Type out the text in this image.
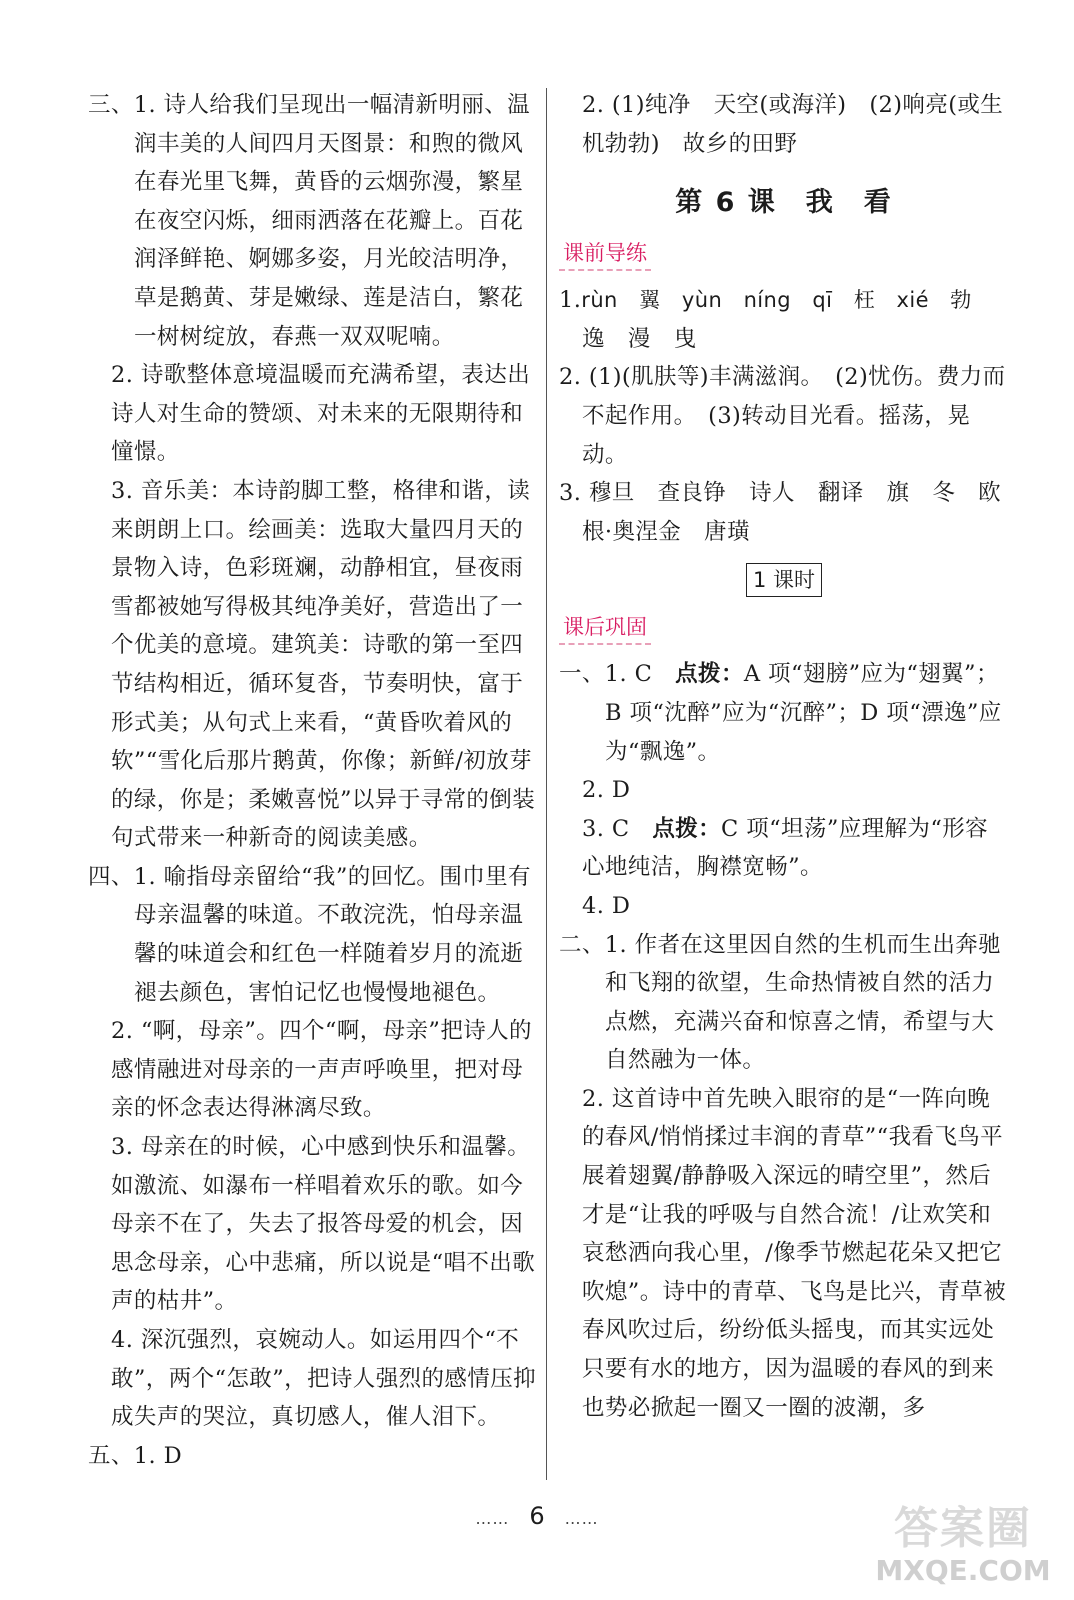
三、1. 诗人给我们呈现出一幅清新明丽、温润丰美的人间四月天图景：和煦的微风在春光里飞舞，黄昏的云烟弥漫，繁星在夜空闪烁，细雨洒落在花瓣上。百花润泽鲜艳、婀娜多姿，月光皎洁明净，草是鹅黄、芽是嫩绿、莲是洁白，繁花一树树绽放，春燕一双双呢喃。

2. 诗歌整体意境温暖而充满希望，表达出诗人对生命的赞颂、对未来的无限期待和憧憬。

3. 音乐美：本诗韵脚工整，格律和谐，读来朗朗上口。绘画美：选取大量四月天的景物入诗，色彩斑斓，动静相宜，昼夜雨雪都被她写得极其纯净美好，营造出了一个优美的意境。建筑美：诗歌的第一至四节结构相近，循环复沓，节奏明快，富于形式美；从句式上来看，“黄昏吹着风的软”“雪化后那片鹅黄，你像；新鲜/初放芽的绿，你是；柔嫩喜悦”以异于寻常的倒装句式带来一种新奇的阅读美感。

四、1. 喻指母亲留给“我”的回忆。围巾里有母亲温馨的味道。不敢浣洗，怕母亲温馨的味道会和红色一样随着岁月的流逝褪去颜色，害怕记忆也慢慢地褪色。

2. “啊，母亲”。四个“啊，母亲”把诗人的感情融进对母亲的一声声呼唤里，把对母亲的怀念表达得淋漓尽致。

3. 母亲在的时候，心中感到快乐和温馨。如激流、如瀑布一样唱着欢乐的歌。如今母亲不在了，失去了报答母爱的机会，因思念母亲，心中悲痛，所以说是“唱不出歌声的枯井”。

4. 深沉强烈，哀婉动人。如运用四个“不敢”，两个“怎敢”，把诗人强烈的感情压抑成失声的哭泣，真切感人，催人泪下。

五、1. D

2. (1)纯净　天空(或海洋)　(2)响亮(或生机勃勃)　故乡的田野

第 6 课　我　看
课前导练

1.rùn　翼　yùn　níng　qī　枉　xié　勃

逸　漫　曳

2. (1)(肌肤等)丰满滋润。　(2)忧伤。费力而不起作用。　(3)转动目光看。摇荡，晃动。

3. 穆旦　查良铮　诗人　翻译　旗　冬　欧根·奥涅金　唐璜

1 课时
课后巩固

一、1. C　点拨：A 项“翅膀”应为“翅翼”；B 项“沈醉”应为“沉醉”；D 项“漂逸”应为“飘逸”。

2. D

3. C　点拨：C 项“坦荡”应理解为“形容心地纯洁，胸襟宽畅”。

4. D

二、1. 作者在这里因自然的生机而生出奔驰和飞翔的欲望，生命热情被自然的活力点燃，充满兴奋和惊喜之情，希望与大自然融为一体。

2. 这首诗中首先映入眼帘的是“一阵向晚的春风/悄悄揉过丰润的青草”“我看飞鸟平展着翅翼/静静吸入深远的晴空里”，然后才是“让我的呼吸与自然合流！/让欢笑和哀愁洒向我心里，/像季节燃起花朵又把它吹熄”。诗中的青草、飞鸟是比兴，青草被春风吹过后，纷纷低头摇曳，而其实远处只要有水的地方，因为温暖的春风的到来也势必掀起一圈又一圈的波潮，多

…… 6 ……	答案圈
MXQE.COM
